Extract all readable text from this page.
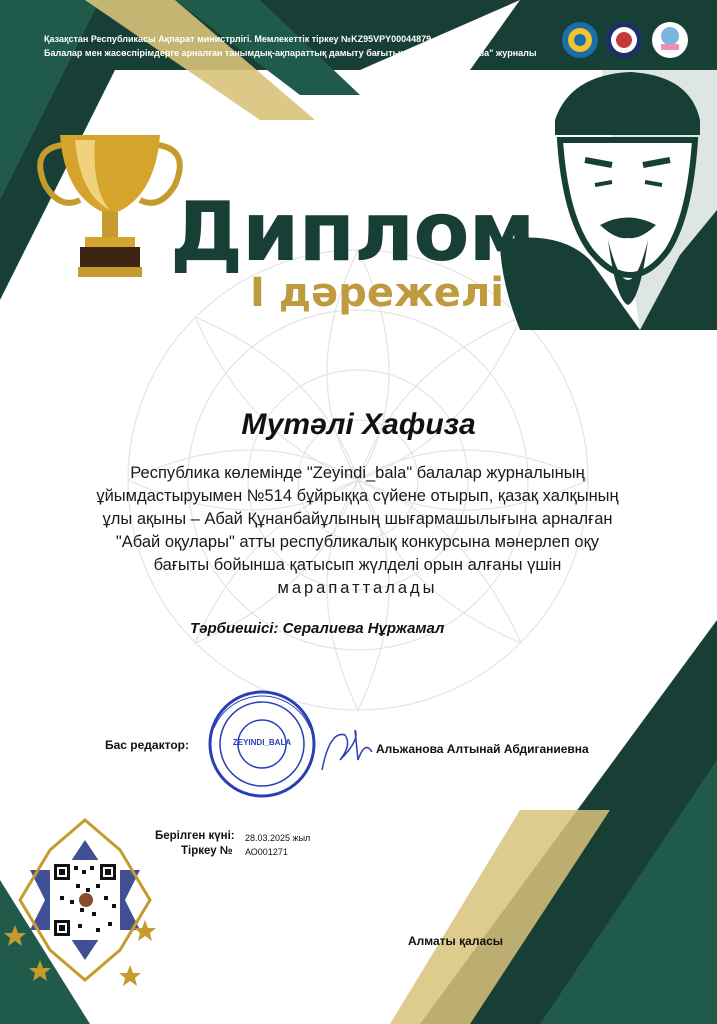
Қазақстан Республикасы Ақпарат министрлігі. Мемлекеттік тіркеу №KZ95VPY00044879
Балалар мен жасөспірімдерге арналған танымдық-ақпараттық дамыту бағытындағы "Zeyindi_bala" журналы
Диплом
І дәрежелі
Мутәлі Хафиза
Республика көлемінде "Zeyindi_bala" балалар журналының
ұйымдастыруымен №514 бұйрыққа сүйене отырып, қазақ халқының
ұлы ақыны – Абай Құнанбайұлының шығармашылығына арналған
"Абай оқулары" атты республикалық конкурсына мәнерлеп оқу
бағыты бойынша қатысып жүлделі орын алғаны үшін
марапатталады
Тәрбиешісі: Сералиева Нұржамал
ZEYINDI_BALA
Бас редактор:	Альжанова Алтынай Абдиганиевна
Берілген күні: 28.03.2025 жыл
Тіркеу № АО001271
Алматы қаласы
